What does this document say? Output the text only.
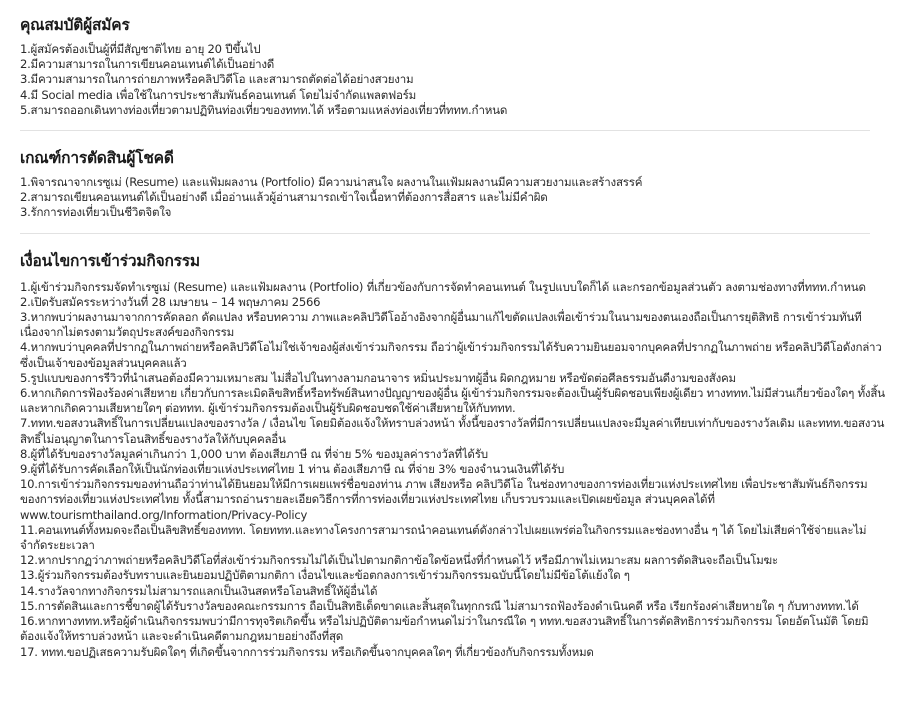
คุณสมบัติผู้สมัคร
1.ผู้สมัครต้องเป็นผู้ที่มีสัญชาติไทย อายุ 20 ปีขึ้นไป
2.มีความสามารถในการเขียนคอนเทนต์ได้เป็นอย่างดี
3.มีความสามารถในการถ่ายภาพหรือคลิปวิดีโอ และสามารถตัดต่อได้อย่างสวยงาม
4.มี Social media เพื่อใช้ในการประชาสัมพันธ์คอนเทนต์ โดยไม่จำกัดแพลตฟอร์ม
5.สามารถออกเดินทางท่องเที่ยวตามปฏิทินท่องเที่ยวของททท.ได้ หรือตามแหล่งท่องเที่ยวที่ททท.กำหนด
เกณฑ์การตัดสินผู้โชคดี
1.พิจารณาจากเรซูเม่ (Resume) และแฟ้มผลงาน (Portfolio) มีความน่าสนใจ ผลงานในแฟ้มผลงานมีความสวยงามและสร้างสรรค์
2.สามารถเขียนคอนเทนต์ได้เป็นอย่างดี เมื่ออ่านแล้วผู้อ่านสามารถเข้าใจเนื้อหาที่ต้องการสื่อสาร และไม่มีคำผิด
3.รักการท่องเที่ยวเป็นชีวิตจิตใจ
เงื่อนไขการเข้าร่วมกิจกรรม
1.ผู้เข้าร่วมกิจกรรมจัดทำเรซูเม่ (Resume) และแฟ้มผลงาน (Portfolio) ที่เกี่ยวข้องกับการจัดทำคอนเทนต์ ในรูปแบบใดก็ได้ และกรอกข้อมูลส่วนตัว ลงตามช่องทางที่ททท.กำหนด
2.เปิดรับสมัครระหว่างวันที่ 28 เมษายน – 14 พฤษภาคม 2566
3.หากพบว่าผลงานมาจากการคัดลอก ดัดแปลง หรือบทความ ภาพและคลิปวิดีโออ้างอิงจากผู้อื่นมาแก้ไขตัดแปลงเพื่อเข้าร่วมในนามของตนเองถือเป็นการยุติสิทธิ การเข้าร่วมทันที เนื่องจากไม่ตรงตามวัตถุประสงค์ของกิจกรรม
4.หากพบว่าบุคคลที่ปรากฏในภาพถ่ายหรือคลิปวิดีโอไม่ใช่เจ้าของผู้ส่งเข้าร่วมกิจกรรม ถือว่าผู้เข้าร่วมกิจกรรมได้รับความยินยอมจากบุคคลที่ปรากฏในภาพถ่าย หรือคลิปวิดีโอดังกล่าวซึ่งเป็นเจ้าของข้อมูลส่วนบุคคลแล้ว
5.รูปแบบของการรีวิวที่นำเสนอต้องมีความเหมาะสม ไม่สื่อไปในทางลามกอนาจาร หมิ่นประมาทผู้อื่น ผิดกฎหมาย หรือขัดต่อศีลธรรมอันดีงามของสังคม
6.หากเกิดการฟ้องร้องค่าเสียหาย เกี่ยวกับการละเมิดลิขสิทธิ์หรือทรัพย์สินทางปัญญาของผู้อื่น ผู้เข้าร่วมกิจกรรมจะต้องเป็นผู้รับผิดชอบเพียงผู้เดียว ทางททท.ไม่มีส่วนเกี่ยวข้องใดๆ ทั้งสิ้น และหากเกิดความเสียหายใดๆ ต่อททท. ผู้เข้าร่วมกิจกรรมต้องเป็นผู้รับผิดชอบชดใช้ค่าเสียหายให้กับททท.
7.ททท.ขอสงวนสิทธิ์ในการเปลี่ยนแปลงของรางวัล / เงื่อนไข โดยมิต้องแจ้งให้ทราบล่วงหน้า ทั้งนี้ของรางวัลที่มีการเปลี่ยนแปลงจะมีมูลค่าเทียบเท่ากับของรางวัลเดิม และททท.ขอสงวนสิทธิ์ไม่อนุญาตในการโอนสิทธิ์ของรางวัลให้กับบุคคลอื่น
8.ผู้ที่ได้รับของรางวัลมูลค่าเกินกว่า 1,000 บาท ต้องเสียภาษี ณ ที่จ่าย 5% ของมูลค่ารางวัลที่ได้รับ
9.ผู้ที่ได้รับการคัดเลือกให้เป็นนักท่องเที่ยวแห่งประเทศไทย 1 ท่าน ต้องเสียภาษี ณ ที่จ่าย 3% ของจำนวนเงินที่ได้รับ
10.การเข้าร่วมกิจกรรมของท่านถือว่าท่านได้ยินยอมให้มีการเผยแพร่ชื่อของท่าน ภาพ เสียงหรือ คลิปวิดีโอ ในช่องทางของการท่องเที่ยวแห่งประเทศไทย เพื่อประชาสัมพันธ์กิจกรรมของการท่องเที่ยวแห่งประเทศไทย ทั้งนี้สามารถอ่านรายละเอียดวิธีการที่การท่องเที่ยวแห่งประเทศไทย เก็บรวบรวมและเปิดเผยข้อมูล ส่วนบุคคลได้ที่ www.tourismthailand.org/Information/Privacy-Policy
11.คอนเทนต์ทั้งหมดจะถือเป็นลิขสิทธิ์ของททท. โดยททท.และทางโครงการสามารถนำคอนเทนต์ดังกล่าวไปเผยแพร่ต่อในกิจกรรมและช่องทางอื่น ๆ ได้ โดยไม่เสียค่าใช้จ่ายและไม่จำกัดระยะเวลา
12.หากปรากฏว่าภาพถ่ายหรือคลิปวิดีโอที่ส่งเข้าร่วมกิจกรรมไม่ได้เป็นไปตามกติกาข้อใดข้อหนึ่งที่กำหนดไว้ หรือมีภาพไม่เหมาะสม ผลการตัดสินจะถือเป็นโมฆะ
13.ผู้ร่วมกิจกรรมต้องรับทราบและยินยอมปฏิบัติตามกติกา เงื่อนไขและข้อตกลงการเข้าร่วมกิจกรรมฉบับนี้โดยไม่มีข้อโต้แย้งใด ๆ
14.รางวัลจากทางกิจกรรมไม่สามารถแลกเป็นเงินสดหรือโอนสิทธิ์ให้ผู้อื่นได้
15.การตัดสินและการชี้ขาดผู้ได้รับรางวัลของคณะกรรมการ ถือเป็นสิทธิเด็ดขาดและสิ้นสุดในทุกกรณี ไม่สามารถฟ้องร้องดำเนินคดี หรือ เรียกร้องค่าเสียหายใด ๆ กับทางททท.ได้
16.หากทางททท.หรือผู้ดำเนินกิจกรรมพบว่ามีการทุจริตเกิดขึ้น หรือไม่ปฏิบัติตามข้อกำหนดไม่ว่าในกรณีใด ๆ ททท.ขอสงวนสิทธิ์ในการตัดสิทธิการร่วมกิจกรรม โดยอัตโนมัติ โดยมิต้องแจ้งให้ทราบล่วงหน้า และจะดำเนินคดีตามกฎหมายอย่างถึงที่สุด
17. ททท.ขอปฏิเสธความรับผิดใดๆ ที่เกิดขึ้นจากการร่วมกิจกรรม หรือเกิดขึ้นจากบุคคลใดๆ ที่เกี่ยวข้องกับกิจกรรมทั้งหมด
